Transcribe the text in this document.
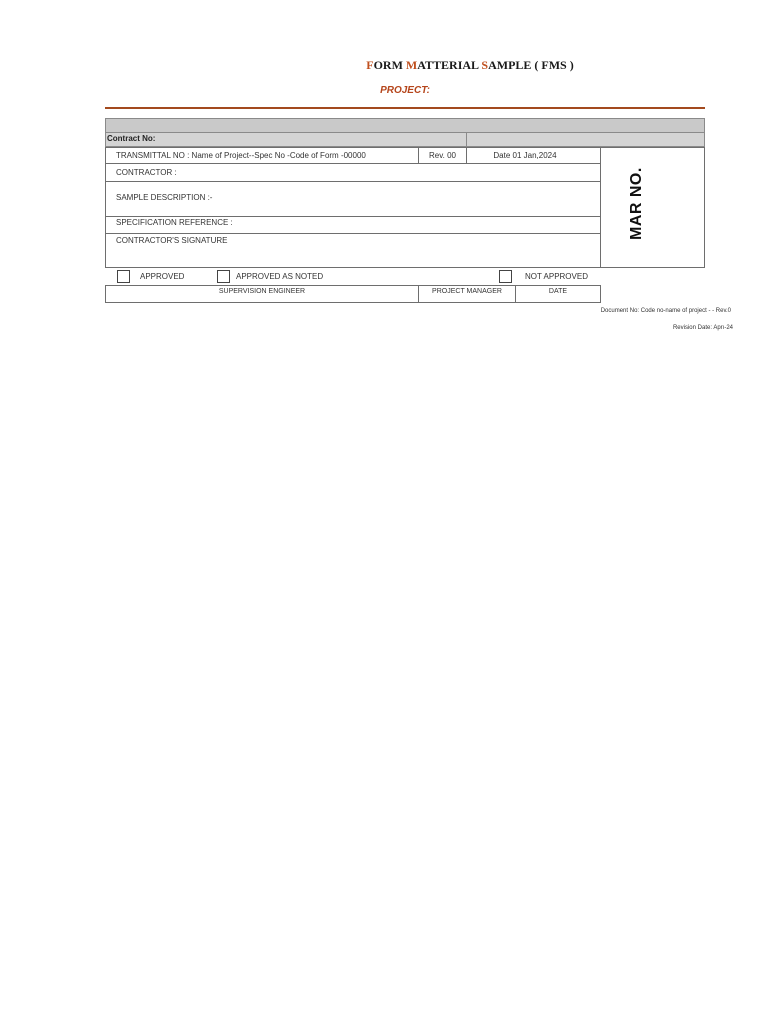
FORM MATTERIAL SAMPLE ( FMS )
PROJECT:
Contract No:
TRANSMITTAL NO : Name of Project--Spec No -Code of Form -00000	Rev. 00	Date 01 Jan,2024
MAR NO.
CONTRACTOR :
SAMPLE DESCRIPTION :-
SPECIFICATION REFERENCE :
CONTRACTOR'S SIGNATURE
APPROVED	APPROVED AS NOTED	NOT APPROVED
SUPERVISION ENGINEER	PROJECT MANAGER	DATE
Document No: Code no-name of project - - Rev.0
Revision Date: Aprı-24
